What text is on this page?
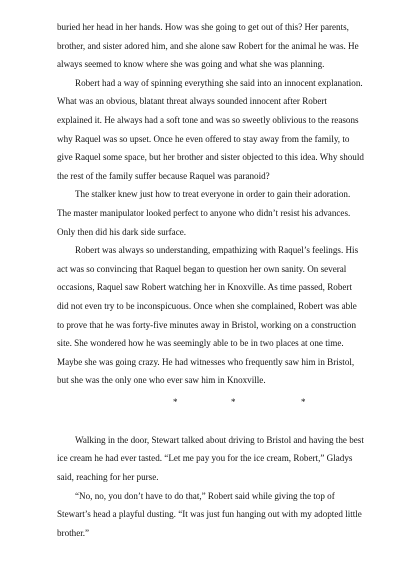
buried her head in her hands. How was she going to get out of this? Her parents, brother, and sister adored him, and she alone saw Robert for the animal he was. He always seemed to know where she was going and what she was planning.

Robert had a way of spinning everything she said into an innocent explanation. What was an obvious, blatant threat always sounded innocent after Robert explained it. He always had a soft tone and was so sweetly oblivious to the reasons why Raquel was so upset. Once he even offered to stay away from the family, to give Raquel some space, but her brother and sister objected to this idea. Why should the rest of the family suffer because Raquel was paranoid?

The stalker knew just how to treat everyone in order to gain their adoration. The master manipulator looked perfect to anyone who didn’t resist his advances. Only then did his dark side surface.

Robert was always so understanding, empathizing with Raquel’s feelings. His act was so convincing that Raquel began to question her own sanity. On several occasions, Raquel saw Robert watching her in Knoxville. As time passed, Robert did not even try to be inconspicuous. Once when she complained, Robert was able to prove that he was forty-five minutes away in Bristol, working on a construction site. She wondered how he was seemingly able to be in two places at one time. Maybe she was going crazy. He had witnesses who frequently saw him in Bristol, but she was the only one who ever saw him in Knoxville.

*	*	*

Walking in the door, Stewart talked about driving to Bristol and having the best ice cream he had ever tasted. “Let me pay you for the ice cream, Robert,” Gladys said, reaching for her purse.

“No, no, you don’t have to do that,” Robert said while giving the top of Stewart’s head a playful dusting. “It was just fun hanging out with my adopted little brother.”
